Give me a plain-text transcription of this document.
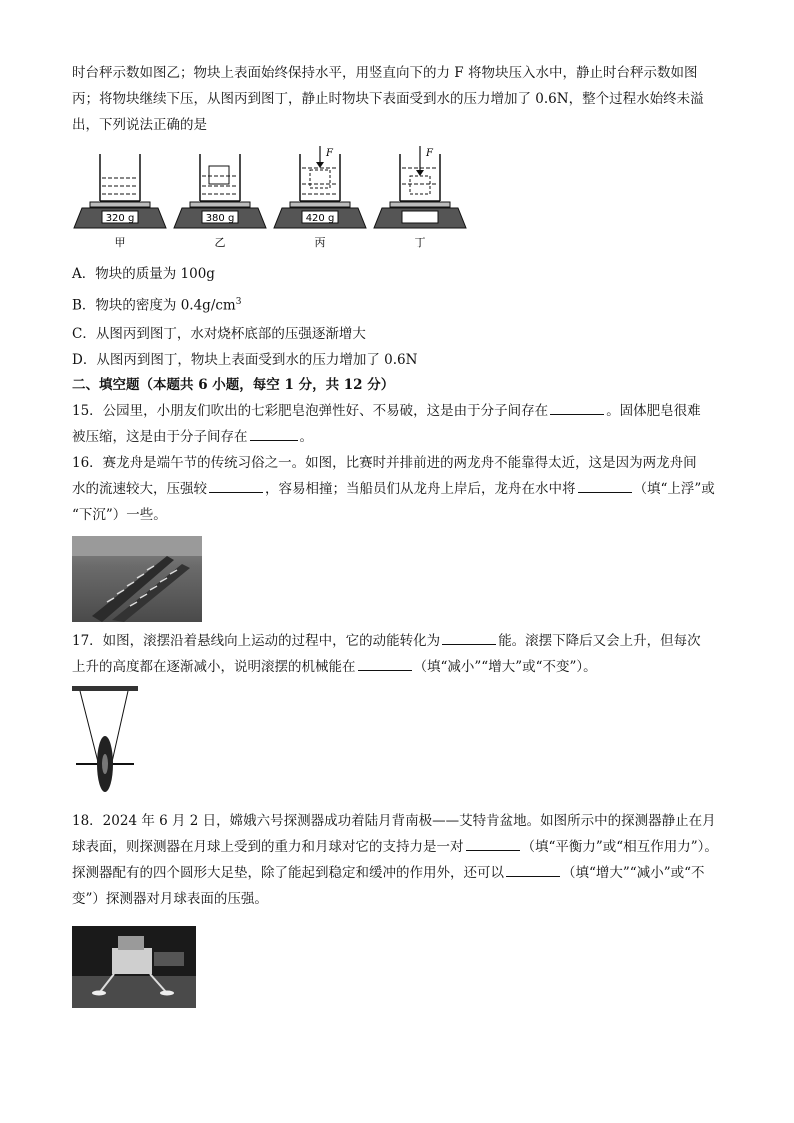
时台秤示数如图乙；物块上表面始终保持水平，用竖直向下的力 F 将物块压入水中，静止时台秤示数如图

丙；将物块继续下压，从图丙到图丁，静止时物块下表面受到水的压力增加了 0.6N，整个过程水始终未溢

出，下列说法正确的是

320 g	380 g	420 g
F	F
甲	乙	丙	丁

A．物块的质量为 100g

B．物块的密度为 $0.4g/cm^3$

C．从图丙到图丁，水对烧杯底部的压强逐渐增大

D．从图丙到图丁，物块上表面受到水的压力增加了 0.6N

二、填空题（本题共 6 小题，每空 1 分，共 12 分）

15．公园里，小朋友们吹出的七彩肥皂泡弹性好、不易破，这是由于分子间存在	。固体肥皂很难

被压缩，这是由于分子间存在	。

16．赛龙舟是端午节的传统习俗之一。如图，比赛时并排前进的两龙舟不能靠得太近，这是因为两龙舟间

水的流速较大，压强较	，容易相撞；当船员们从龙舟上岸后，龙舟在水中将	（填“上浮”或

“下沉”）一些。

17．如图，滚摆沿着悬线向上运动的过程中，它的动能转化为	能。滚摆下降后又会上升，但每次

上升的高度都在逐渐减小，说明滚摆的机械能在	（填“减小”“增大”或“不变”）。

18．2024 年 6 月 2 日，嫦娥六号探测器成功着陆月背南极——艾特肯盆地。如图所示中的探测器静止在月

球表面，则探测器在月球上受到的重力和月球对它的支持力是一对	（填“平衡力”或“相互作用力”）。

探测器配有的四个圆形大足垫，除了能起到稳定和缓冲的作用外，还可以	（填“增大”“减小”或“不

变”）探测器对月球表面的压强。
